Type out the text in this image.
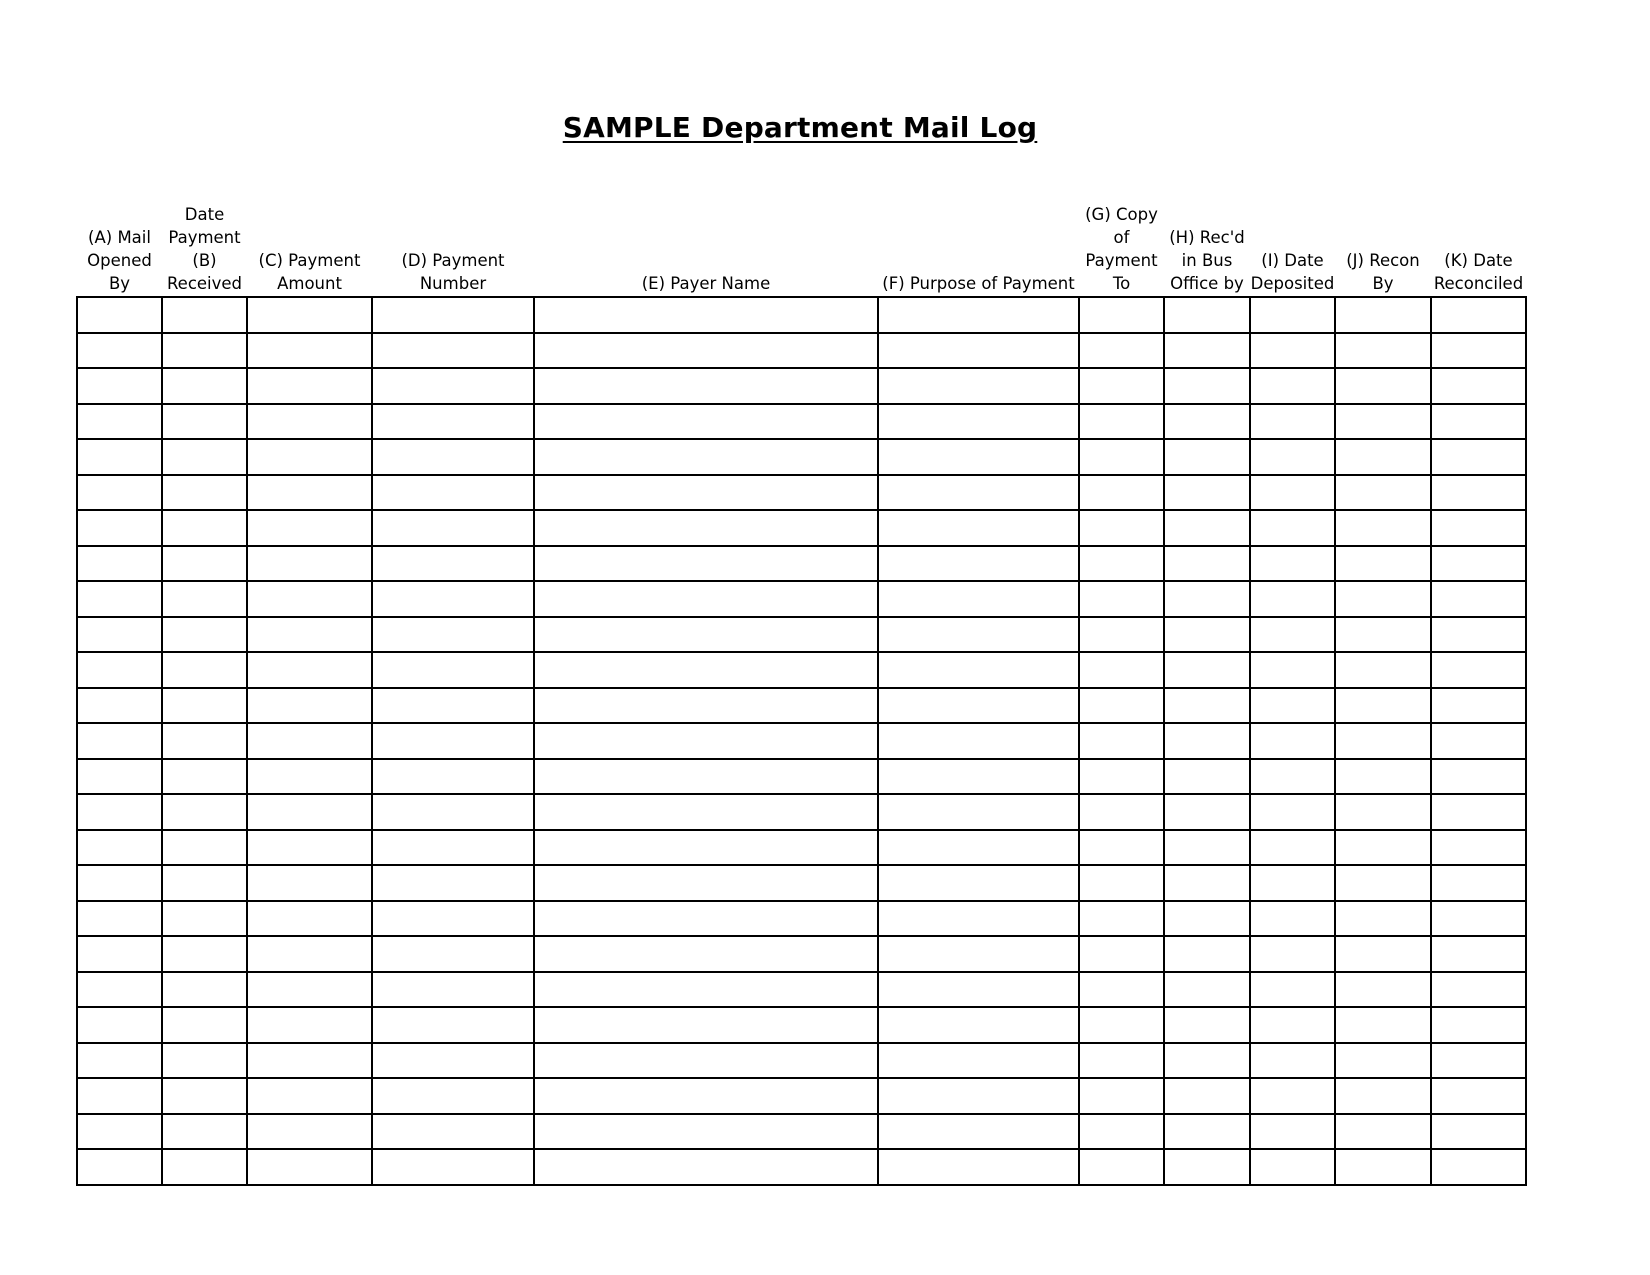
SAMPLE Department Mail Log
(A) Mail
Opened
By	Date
Payment
(B)
Received	(C) Payment
Amount	(D) Payment
Number	(E) Payer Name	(F) Purpose of Payment	(G) Copy
of
Payment
To	(H) Rec'd
in Bus
Office by	(I) Date
Deposited	(J) Recon
By	(K) Date
Reconciled
